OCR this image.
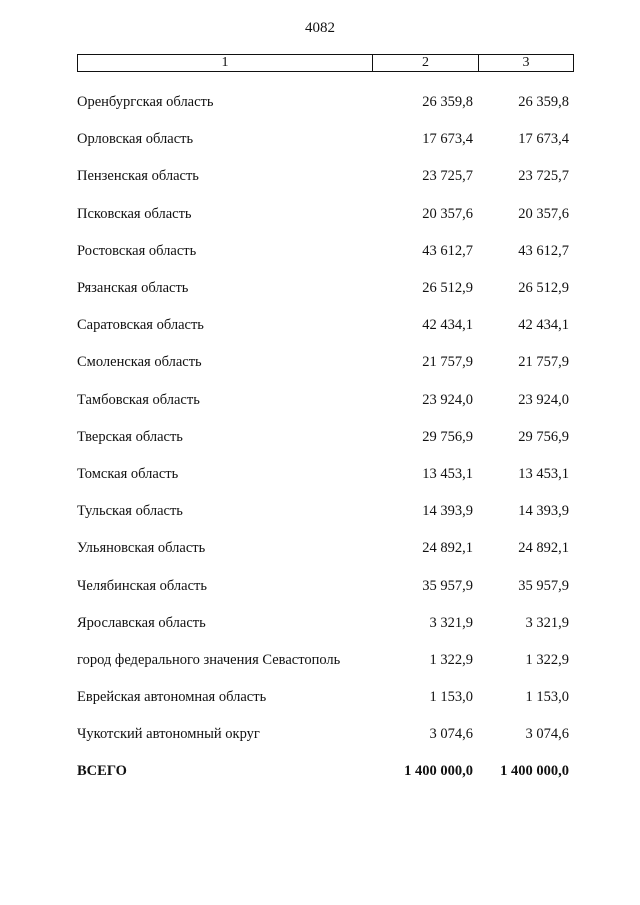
4082
1	2	3
Оренбургская область	26 359,8	26 359,8
Орловская область	17 673,4	17 673,4
Пензенская область	23 725,7	23 725,7
Псковская область	20 357,6	20 357,6
Ростовская область	43 612,7	43 612,7
Рязанская область	26 512,9	26 512,9
Саратовская область	42 434,1	42 434,1
Смоленская область	21 757,9	21 757,9
Тамбовская область	23 924,0	23 924,0
Тверская область	29 756,9	29 756,9
Томская область	13 453,1	13 453,1
Тульская область	14 393,9	14 393,9
Ульяновская область	24 892,1	24 892,1
Челябинская область	35 957,9	35 957,9
Ярославская область	3 321,9	3 321,9
город федерального значения Севастополь	1 322,9	1 322,9
Еврейская автономная область	1 153,0	1 153,0
Чукотский автономный округ	3 074,6	3 074,6
ВСЕГО	1 400 000,0	1 400 000,0
